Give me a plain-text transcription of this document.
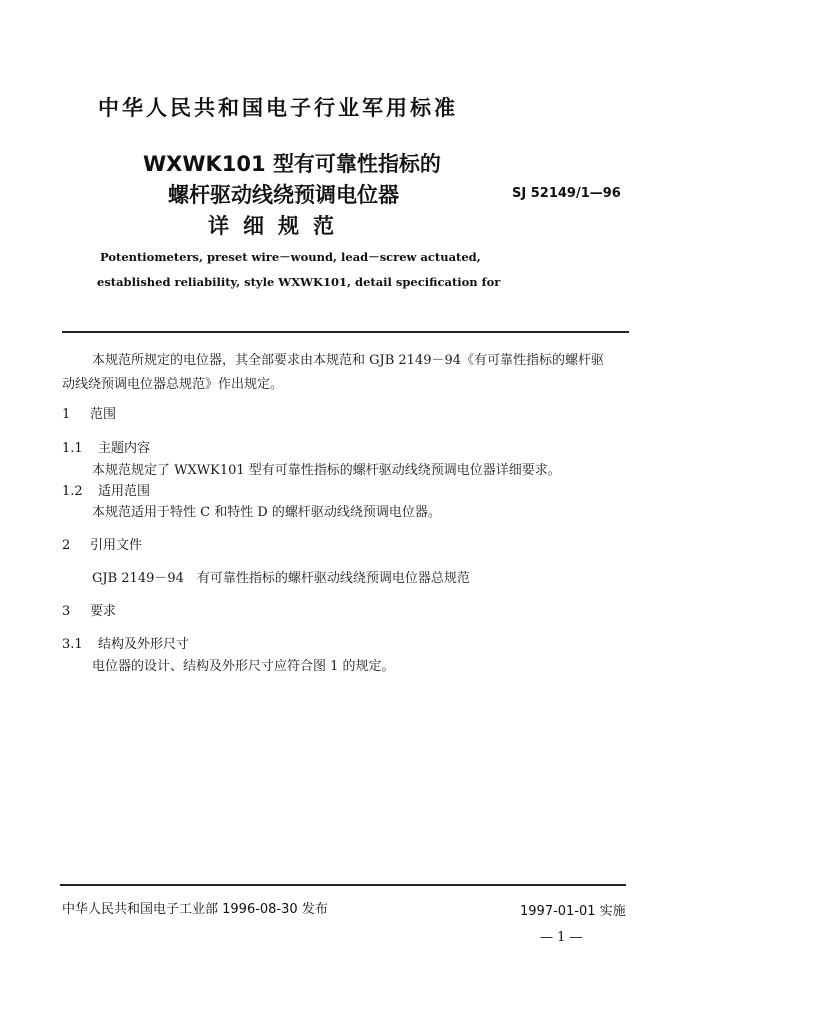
中华人民共和国电子行业军用标准
WXWK101 型有可靠性指标的
螺杆驱动线绕预调电位器
详细规范
SJ 52149/1—96
Potentiometers, preset wire－wound, lead－screw actuated,
established reliability, style WXWK101, detail specification for
本规范所规定的电位器，其全部要求由本规范和 GJB 2149－94《有可靠性指标的螺杆驱
动线绕预调电位器总规范》作出规定。
1 范围
1.1 主题内容
本规范规定了 WXWK101 型有可靠性指标的螺杆驱动线绕预调电位器详细要求。
1.2 适用范围
本规范适用于特性 C 和特性 D 的螺杆驱动线绕预调电位器。
2 引用文件
GJB 2149－94　有可靠性指标的螺杆驱动线绕预调电位器总规范
3 要求
3.1 结构及外形尺寸
电位器的设计、结构及外形尺寸应符合图 1 的规定。
中华人民共和国电子工业部 1996-08-30 发布	1997-01-01 实施
— 1 —
